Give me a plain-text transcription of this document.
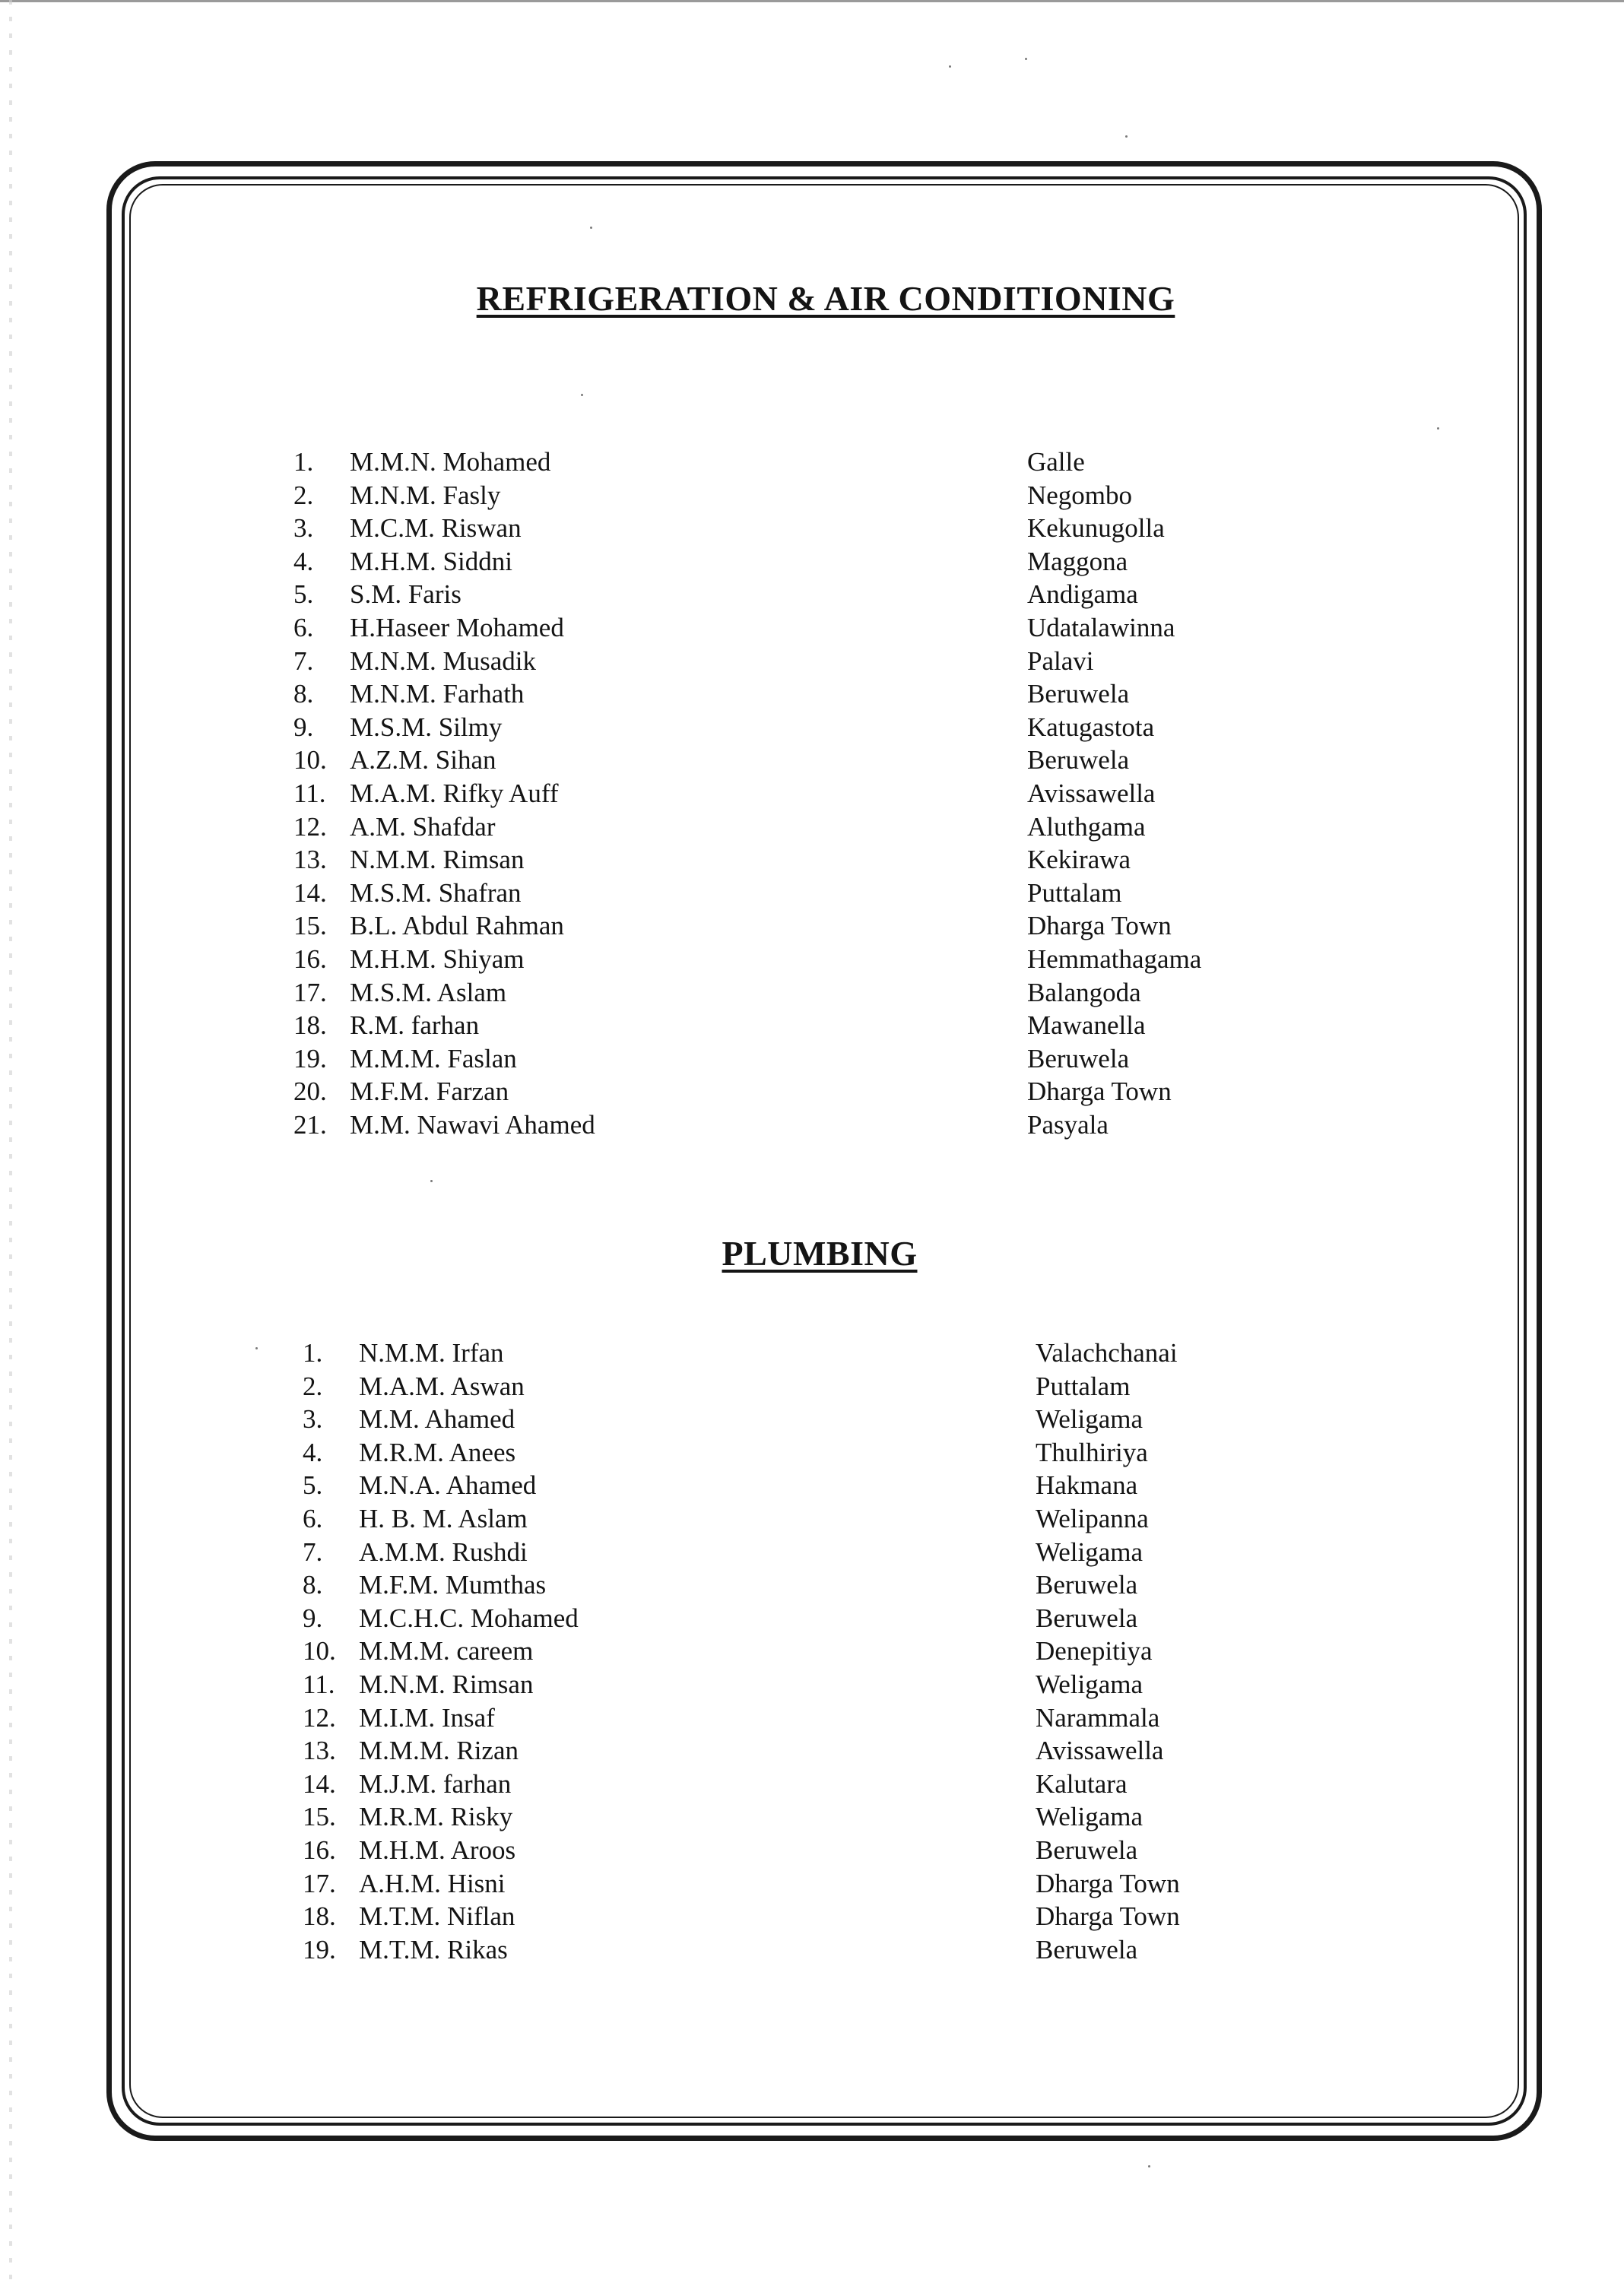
REFRIGERATION & AIR CONDITIONING
1.	M.M.N. Mohamed	Galle
2.	M.N.M. Fasly	Negombo
3.	M.C.M. Riswan	Kekunugolla
4.	M.H.M. Siddni	Maggona
5.	S.M. Faris	Andigama
6.	H.Haseer Mohamed	Udatalawinna
7.	M.N.M. Musadik	Palavi
8.	M.N.M. Farhath	Beruwela
9.	M.S.M. Silmy	Katugastota
10. A.Z.M. Sihan	Beruwela
11. M.A.M. Rifky Auff	Avissawella
12. A.M. Shafdar	Aluthgama
13. N.M.M. Rimsan	Kekirawa
14. M.S.M. Shafran	Puttalam
15. B.L. Abdul Rahman	Dharga Town
16. M.H.M. Shiyam	Hemmathagama
17. M.S.M. Aslam	Balangoda
18. R.M. farhan	Mawanella
19. M.M.M. Faslan	Beruwela
20. M.F.M. Farzan	Dharga Town
21. M.M. Nawavi Ahamed	Pasyala
PLUMBING
1.	N.M.M. Irfan	Valachchanai
2.	M.A.M. Aswan	Puttalam
3.	M.M. Ahamed	Weligama
4.	M.R.M. Anees	Thulhiriya
5.	M.N.A. Ahamed	Hakmana
6.	H. B. M. Aslam	Welipanna
7.	A.M.M. Rushdi	Weligama
8.	M.F.M. Mumthas	Beruwela
9.	M.C.H.C. Mohamed	Beruwela
10. M.M.M. careem	Denepitiya
11. M.N.M. Rimsan	Weligama
12. M.I.M. Insaf	Narammala
13. M.M.M. Rizan	Avissawella
14. M.J.M. farhan	Kalutara
15. M.R.M. Risky	Weligama
16. M.H.M. Aroos	Beruwela
17. A.H.M. Hisni	Dharga Town
18. M.T.M. Niflan	Dharga Town
19. M.T.M. Rikas	Beruwela
